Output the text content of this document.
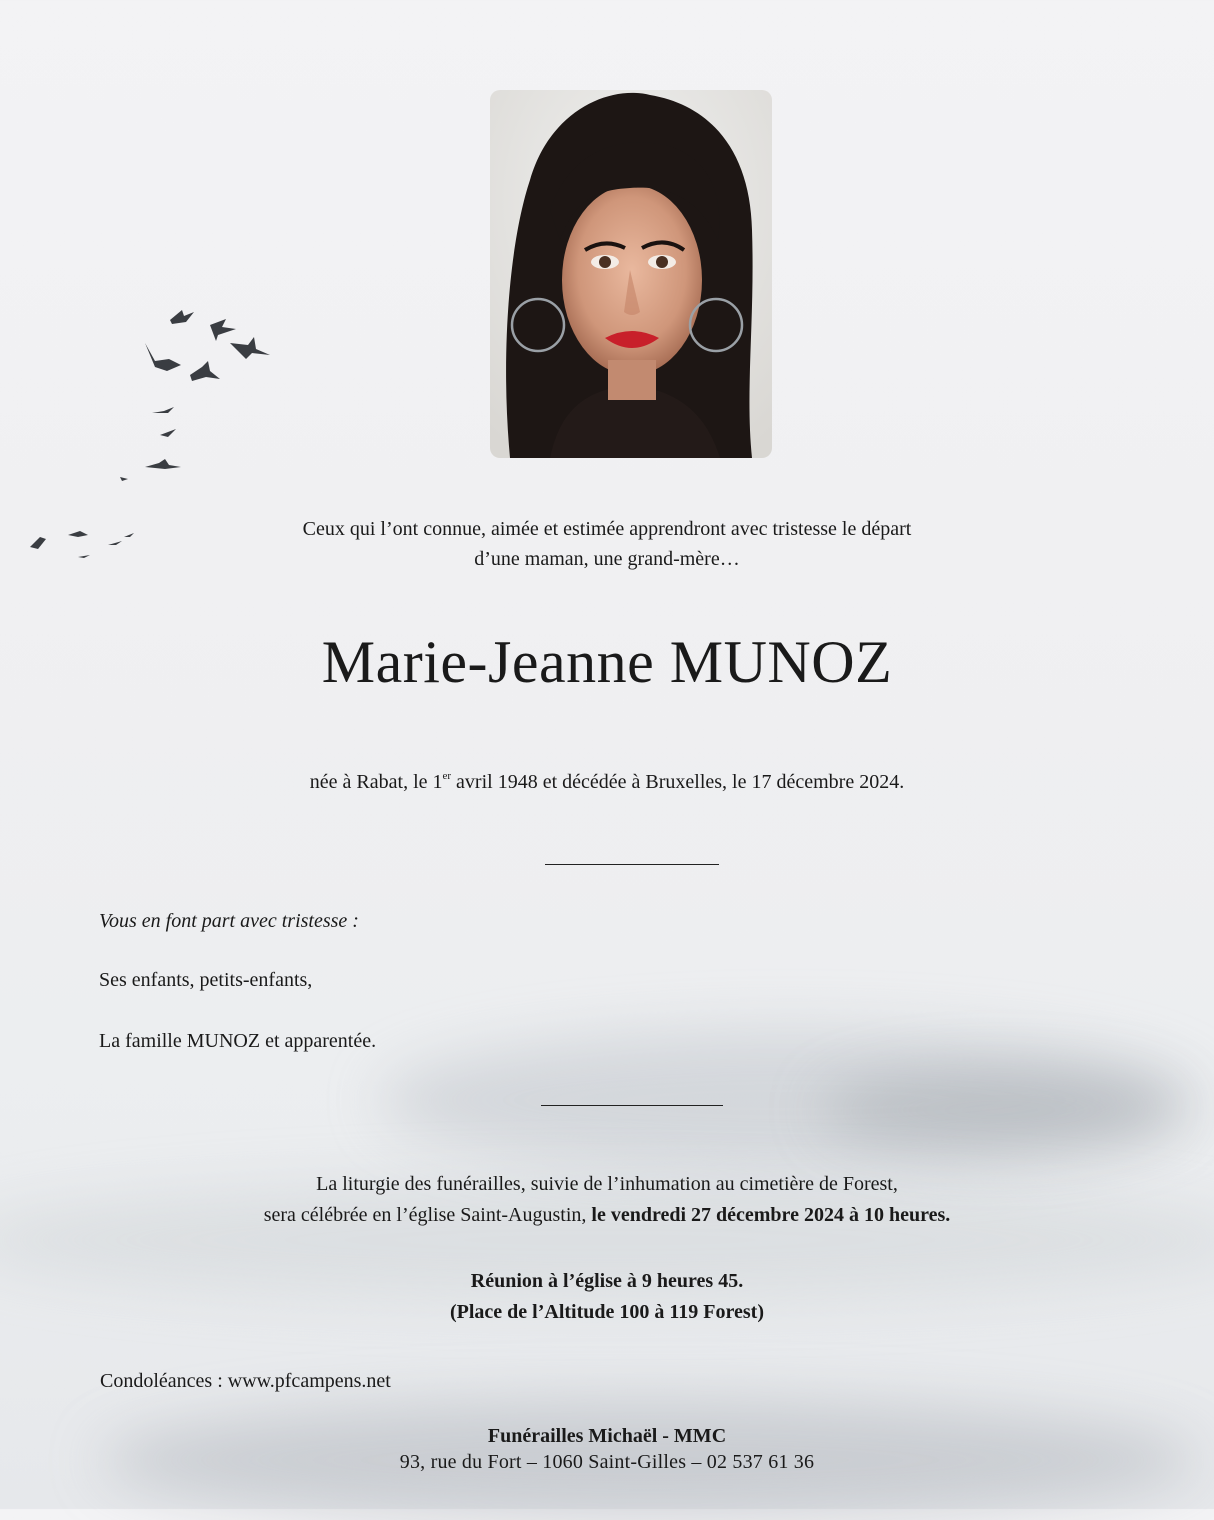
Ceux qui l’ont connue, aimée et estimée apprendront avec tristesse le départ
d’une maman, une grand-mère…
Marie-Jeanne MUNOZ
née à Rabat, le 1er avril 1948 et décédée à Bruxelles, le 17 décembre 2024.
Vous en font part avec tristesse :
Ses enfants, petits-enfants,
La famille MUNOZ et apparentée.
La liturgie des funérailles, suivie de l’inhumation au cimetière de Forest,
sera célébrée en l’église Saint-Augustin, le vendredi 27 décembre 2024 à 10 heures.
Réunion à l’église à 9 heures 45.
(Place de l’Altitude 100 à 119 Forest)
Condoléances : www.pfcampens.net
Funérailles Michaël - MMC
93, rue du Fort – 1060 Saint-Gilles – 02 537 61 36
